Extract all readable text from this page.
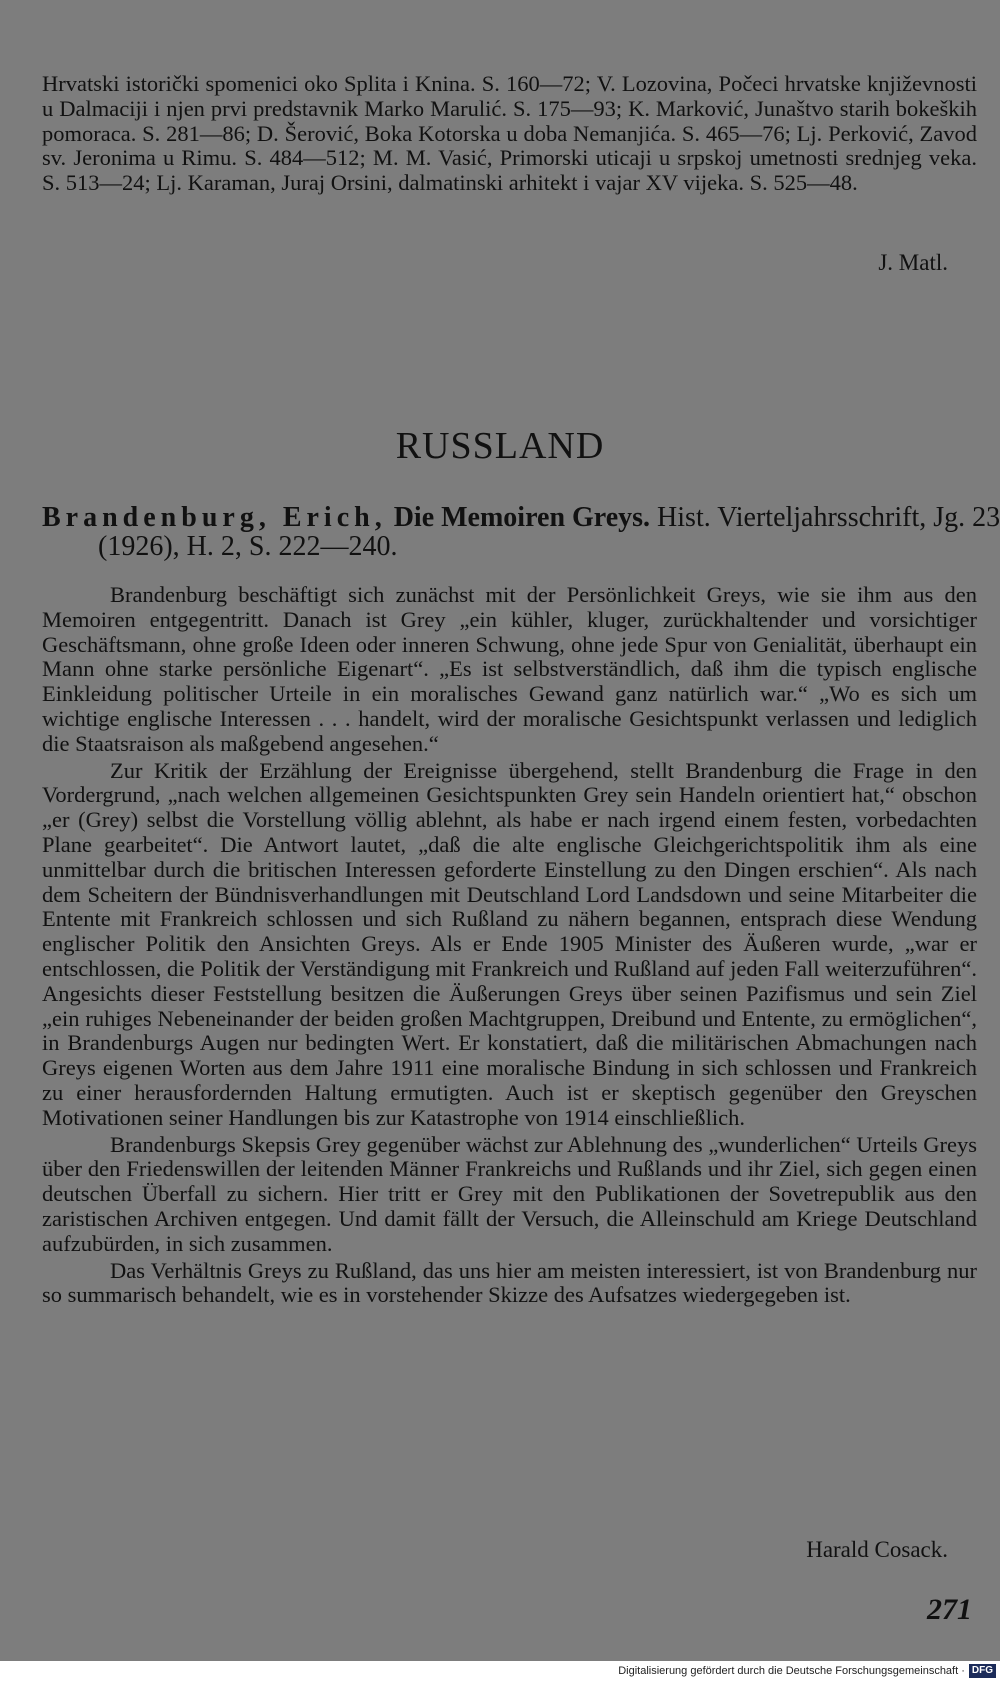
Hrvatski istorički spomenici oko Splita i Knina. S. 160—72; V. Lozovina, Počeci hrvatske književnosti u Dalmaciji i njen prvi predstavnik Marko Marulić. S. 175—93; K. Marković, Junaštvo starih bokeških pomoraca. S. 281—86; D. Šerović, Boka Kotorska u doba Nemanjića. S. 465—76; Lj. Perković, Zavod sv. Jeronima u Rimu. S. 484—512; M. M. Vasić, Primorski uticaji u srpskoj umetnosti srednjeg veka. S. 513—24; Lj. Karaman, Juraj Orsini, dalmatinski arhitekt i vajar XV vijeka. S. 525—48.

J. Matl.
RUSSLAND
Brandenburg, Erich, Die Memoiren Greys. Hist. Vierteljahrsschrift, Jg. 23 (1926), H. 2, S. 222—240.

Brandenburg beschäftigt sich zunächst mit der Persönlichkeit Greys, wie sie ihm aus den Memoiren entgegentritt. Danach ist Grey „ein kühler, kluger, zurückhaltender und vorsichtiger Geschäftsmann, ohne große Ideen oder inneren Schwung, ohne jede Spur von Genialität, überhaupt ein Mann ohne starke persönliche Eigenart“. „Es ist selbstverständlich, daß ihm die typisch englische Einkleidung politischer Urteile in ein moralisches Gewand ganz natürlich war.“ „Wo es sich um wichtige englische Interessen . . . handelt, wird der moralische Gesichtspunkt verlassen und lediglich die Staatsraison als maßgebend angesehen.“

Zur Kritik der Erzählung der Ereignisse übergehend, stellt Brandenburg die Frage in den Vordergrund, „nach welchen allgemeinen Gesichtspunkten Grey sein Handeln orientiert hat,“ obschon „er (Grey) selbst die Vorstellung völlig ablehnt, als habe er nach irgend einem festen, vorbedachten Plane gearbeitet“. Die Antwort lautet, „daß die alte englische Gleichgerichtspolitik ihm als eine unmittelbar durch die britischen Interessen geforderte Einstellung zu den Dingen erschien“. Als nach dem Scheitern der Bündnisverhandlungen mit Deutschland Lord Landsdown und seine Mitarbeiter die Entente mit Frankreich schlossen und sich Rußland zu nähern begannen, entsprach diese Wendung englischer Politik den Ansichten Greys. Als er Ende 1905 Minister des Äußeren wurde, „war er entschlossen, die Politik der Verständigung mit Frankreich und Rußland auf jeden Fall weiterzuführen“. Angesichts dieser Feststellung besitzen die Äußerungen Greys über seinen Pazifismus und sein Ziel „ein ruhiges Nebeneinander der beiden großen Machtgruppen, Dreibund und Entente, zu ermöglichen“, in Brandenburgs Augen nur bedingten Wert. Er konstatiert, daß die militärischen Abmachungen nach Greys eigenen Worten aus dem Jahre 1911 eine moralische Bindung in sich schlossen und Frankreich zu einer herausfordernden Haltung ermutigten. Auch ist er skeptisch gegenüber den Greyschen Motivationen seiner Handlungen bis zur Katastrophe von 1914 einschließlich.

Brandenburgs Skepsis Grey gegenüber wächst zur Ablehnung des „wunderlichen“ Urteils Greys über den Friedenswillen der leitenden Männer Frankreichs und Rußlands und ihr Ziel, sich gegen einen deutschen Überfall zu sichern. Hier tritt er Grey mit den Publikationen der Sovetrepublik aus den zaristischen Archiven entgegen. Und damit fällt der Versuch, die Alleinschuld am Kriege Deutschland aufzubürden, in sich zusammen.

Das Verhältnis Greys zu Rußland, das uns hier am meisten interessiert, ist von Brandenburg nur so summarisch behandelt, wie es in vorstehender Skizze des Aufsatzes wiedergegeben ist.

Harald Cosack.
271
Digitalisierung gefördert durch die Deutsche Forschungsgemeinschaft · DFG
